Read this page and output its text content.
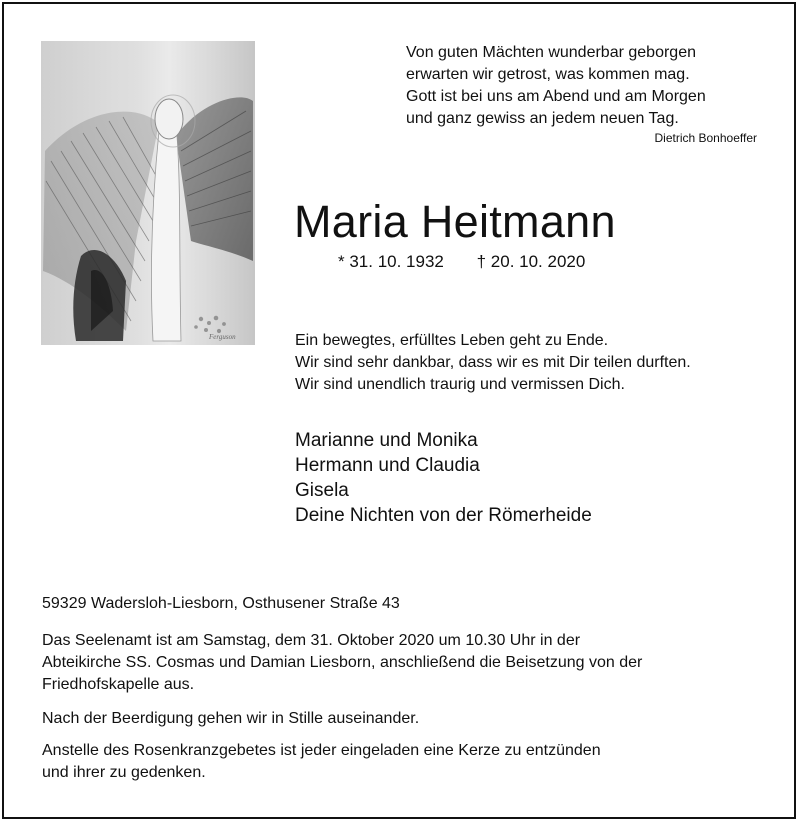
Ferguson
Von guten Mächten wunderbar geborgen
erwarten wir getrost, was kommen mag.
Gott ist bei uns am Abend und am Morgen
und ganz gewiss an jedem neuen Tag.
Dietrich Bonhoeffer
Maria Heitmann
* 31. 10. 1932 † 20. 10. 2020
Ein bewegtes, erfülltes Leben geht zu Ende.
Wir sind sehr dankbar, dass wir es mit Dir teilen durften.
Wir sind unendlich traurig und vermissen Dich.
Marianne und Monika
Hermann und Claudia
Gisela
Deine Nichten von der Römerheide
59329 Wadersloh-Liesborn, Osthusener Straße 43
Das Seelenamt ist am Samstag, dem 31. Oktober 2020 um 10.30 Uhr in der
Abteikirche SS. Cosmas und Damian Liesborn, anschließend die Beisetzung von der
Friedhofskapelle aus.
Nach der Beerdigung gehen wir in Stille auseinander.
Anstelle des Rosenkranzgebetes ist jeder eingeladen eine Kerze zu entzünden
und ihrer zu gedenken.
